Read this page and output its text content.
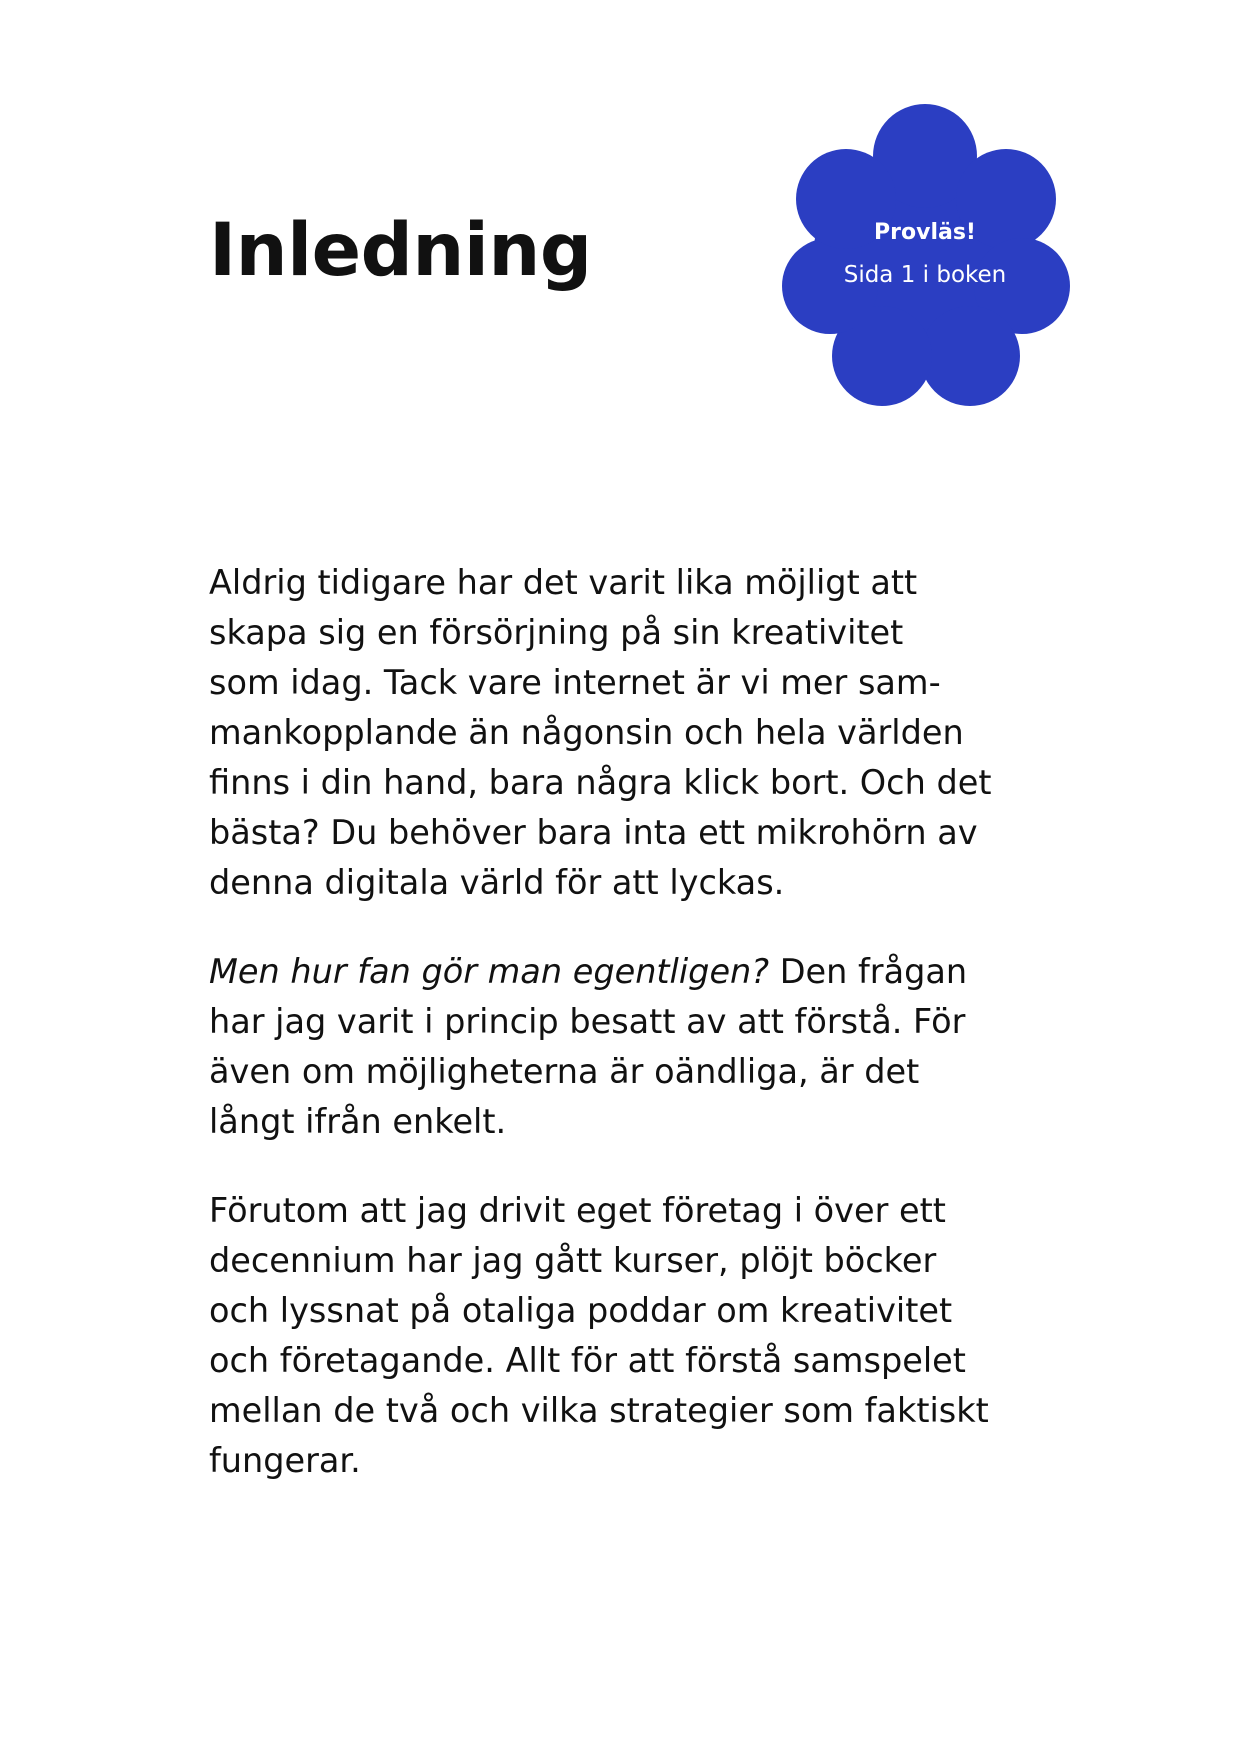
Inledning	Provläs!
Sida 1 i boken

Aldrig tidigare har det varit lika möjligt att
skapa sig en försörjning på sin kreativitet
som idag. Tack vare internet är vi mer sam-
mankopplande än någonsin och hela världen
finns i din hand, bara några klick bort. Och det
bästa? Du behöver bara inta ett mikrohörn av
denna digitala värld för att lyckas.

Men hur fan gör man egentligen? Den frågan
har jag varit i princip besatt av att förstå. För
även om möjligheterna är oändliga, är det
långt ifrån enkelt.

Förutom att jag drivit eget företag i över ett
decennium har jag gått kurser, plöjt böcker
och lyssnat på otaliga poddar om kreativitet
och företagande. Allt för att förstå samspelet
mellan de två och vilka strategier som faktiskt
fungerar.
